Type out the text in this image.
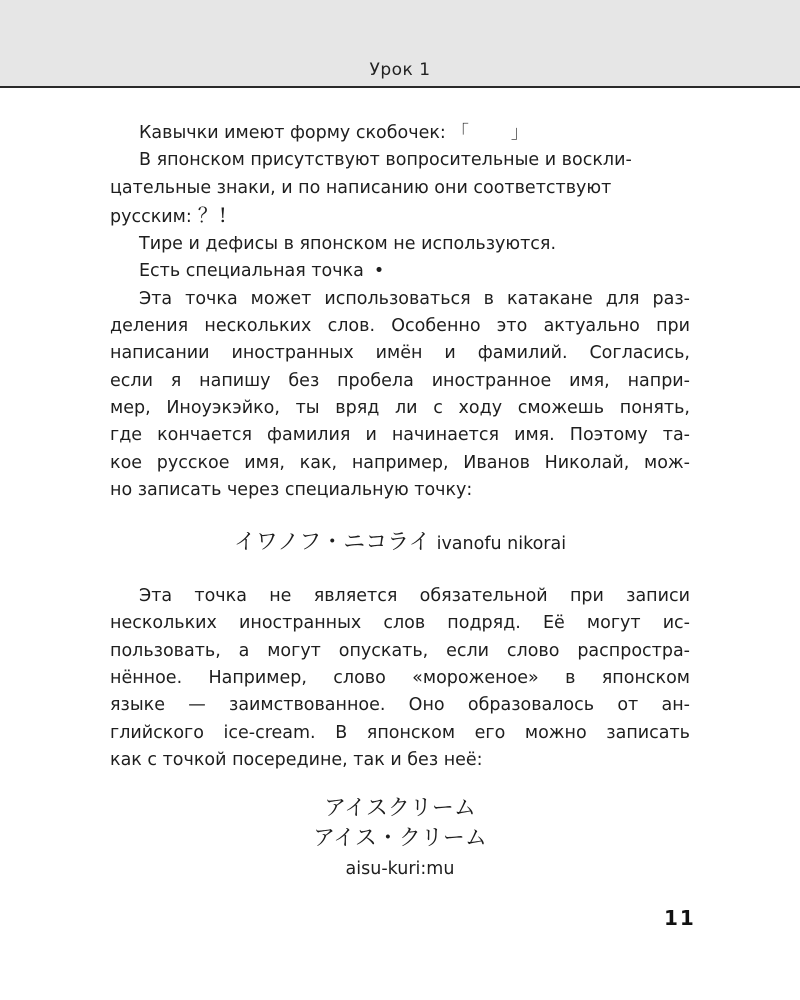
Урок 1

Кавычки имеют форму скобочек: 「 」

В японском присутствуют вопросительные и воскли-

цательные знаки, и по написанию они соответствуют

русским: ？!

Тире и дефисы в японском не используются.

Есть специальная точка •

Эта точка может использоваться в катакане для раз-

деления нескольких слов. Особенно это актуально при

написании иностранных имён и фамилий. Согласись,

если я напишу без пробела иностранное имя, напри-

мер, Иноуэкэйко, ты вряд ли с ходу сможешь понять,

где кончается фамилия и начинается имя. Поэтому та-

кое русское имя, как, например, Иванов Николай, мож-

но записать через специальную точку:

イワノフ・ニコライ ivanofu nikorai

Эта точка не является обязательной при записи

нескольких иностранных слов подряд. Её могут ис-

пользовать, а могут опускать, если слово распростра-

нённое. Например, слово «мороженое» в японском

языке — заимствованное. Оно образовалось от ан-

глийского ice-cream. В японском его можно записать

как с точкой посередине, так и без неё:

アイスクリーム
アイス・クリーム
aisu-kuri:mu
11
